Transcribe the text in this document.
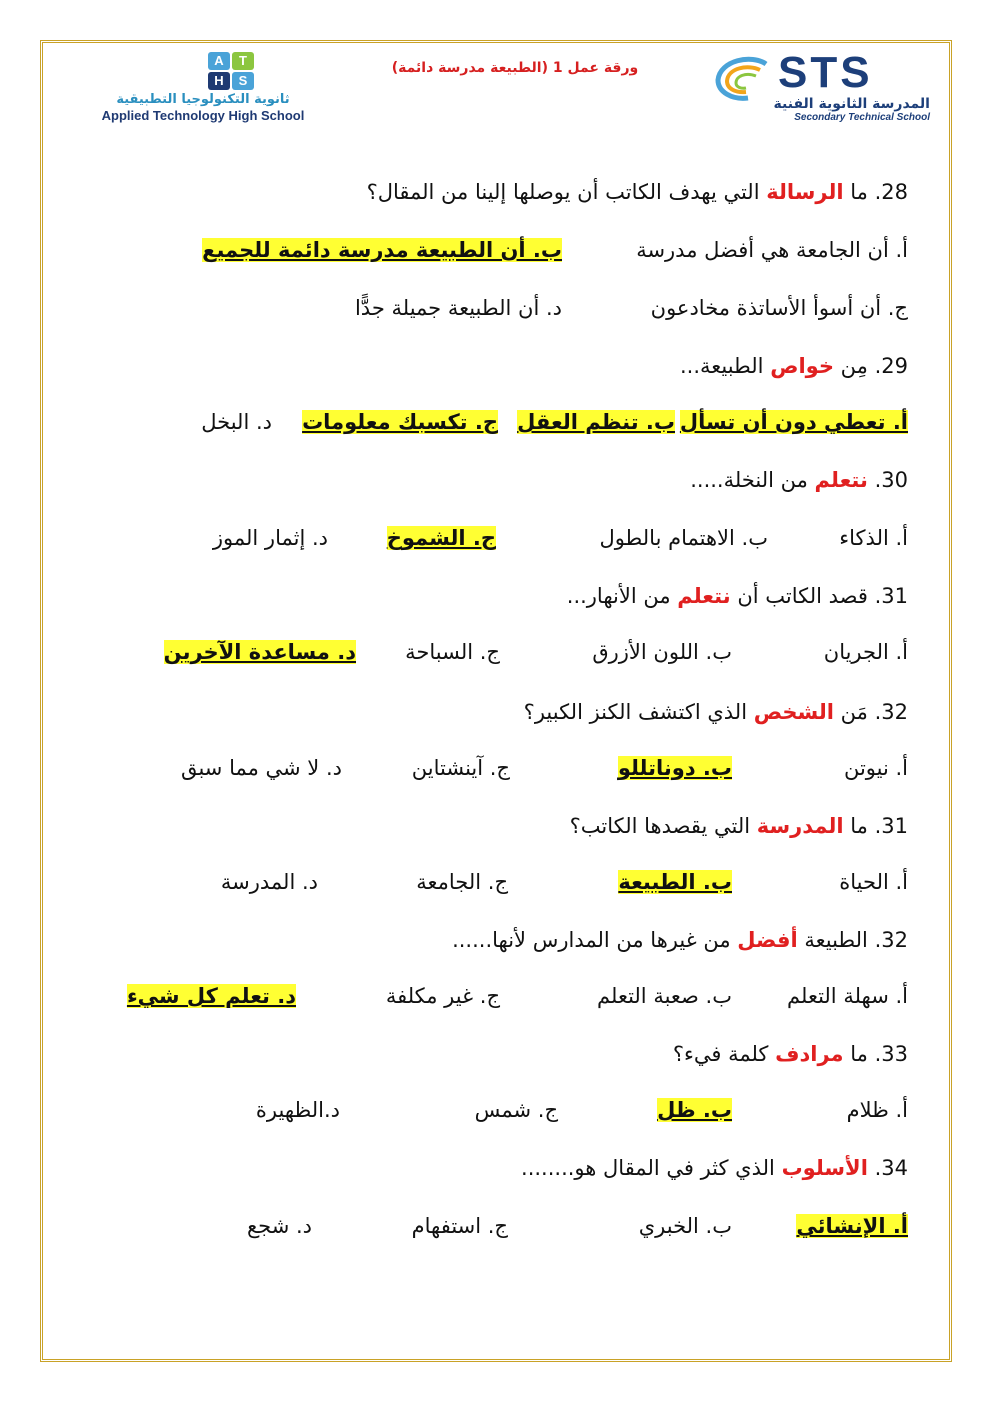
A	T
H	S
ثانوية التكنولوجيا التطبيقية
Applied Technology High School
ورقة عمل 1 (الطبيعة مدرسة دائمة)	STS
المدرسة الثانوية الفنية
Secondary Technical School
28. ما الرسالة التي يهدف الكاتب أن يوصلها إلينا من المقال؟
أ. أن الجامعة هي أفضل مدرسة
ب. أن الطبيعة مدرسة دائمة للجميع
ج. أن أسوأ الأساتذة مخادعون
د. أن الطبيعة جميلة جدًّا
29. مِن خواص الطبيعة...
أ. تعطي دون أن تسأل
ب. تنظم العقل
ج. تكسبك معلومات
د. البخل
30. نتعلم من النخلة.....
أ. الذكاء
ب. الاهتمام بالطول
ج. الشموخ
د. إثمار الموز
31. قصد الكاتب أن نتعلم من الأنهار...
أ. الجريان
ب. اللون الأزرق
ج. السباحة
د. مساعدة الآخرين
32. مَن الشخص الذي اكتشف الكنز الكبير؟
أ. نيوتن
ب. دوناتللو
ج. آينشتاين
د. لا شي مما سبق
31. ما المدرسة التي يقصدها الكاتب؟
أ. الحياة
ب. الطبيعة
ج. الجامعة
د. المدرسة
32. الطبيعة أفضل من غيرها من المدارس لأنها......
أ. سهلة التعلم
ب. صعبة التعلم
ج. غير مكلفة
د. تعلم كل شيء
33. ما مرادف كلمة فيء؟
أ. ظلام
ب. ظل
ج. شمس
د.الظهيرة
34. الأسلوب الذي كثر في المقال هو........
أ. الإنشائي
ب. الخبري
ج. استفهام
د. شجع
